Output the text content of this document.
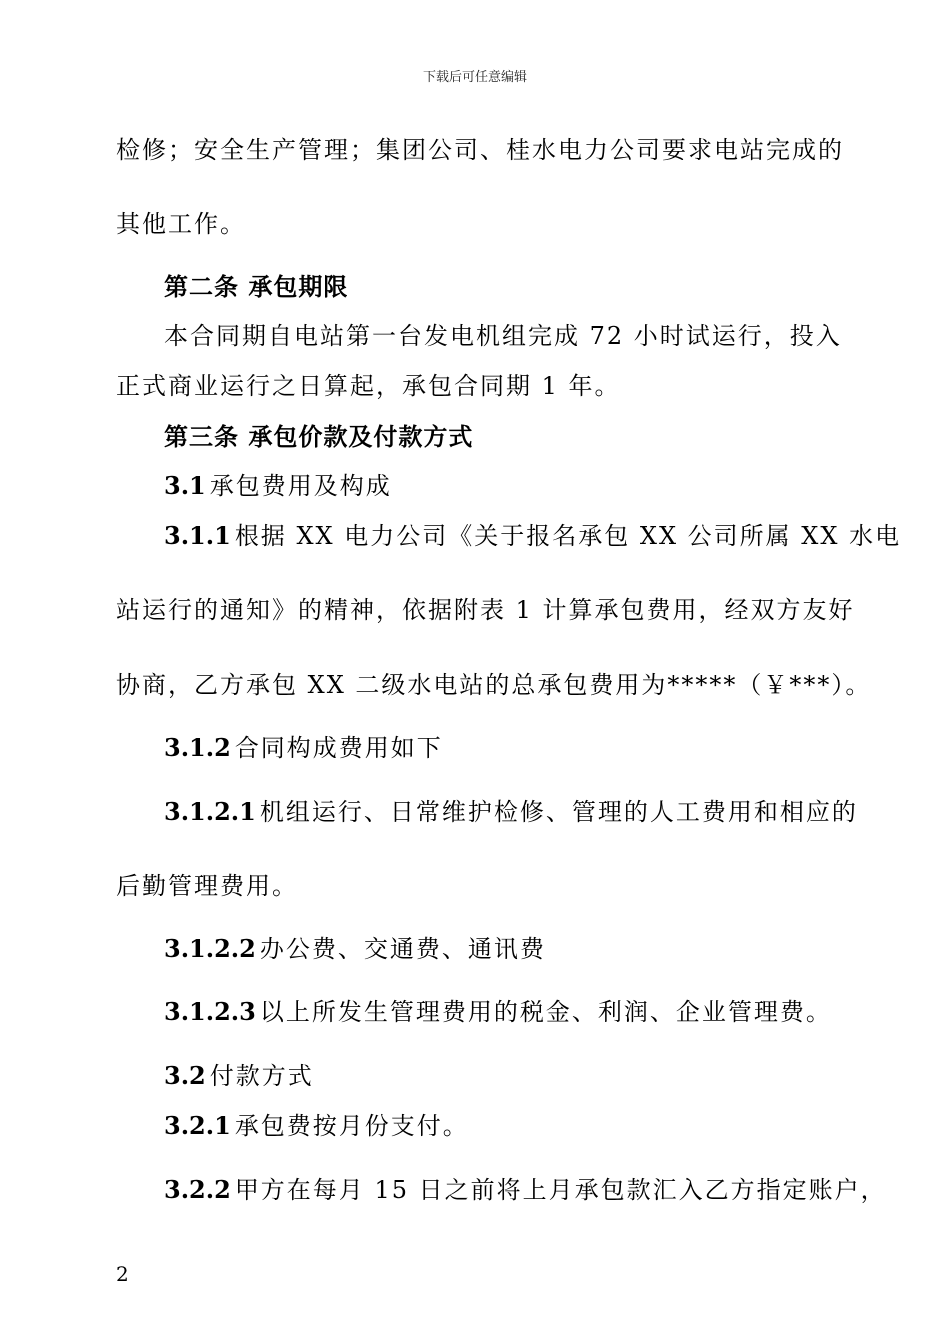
下载后可任意编辑
检修；安全生产管理；集团公司、桂水电力公司要求电站完成的
其他工作。
第二条 承包期限
本合同期自电站第一台发电机组完成 72 小时试运行，投入
正式商业运行之日算起，承包合同期 1 年。
第三条 承包价款及付款方式
3.1 承包费用及构成
3.1.1 根据 XX 电力公司《关于报名承包 XX 公司所属 XX 水电
站运行的通知》的精神，依据附表 1 计算承包费用，经双方友好
协商，乙方承包 XX 二级水电站的总承包费用为*****（￥***）。
3.1.2 合同构成费用如下
3.1.2.1 机组运行、日常维护检修、管理的人工费用和相应的
后勤管理费用。
3.1.2.2 办公费、交通费、通讯费
3.1.2.3 以上所发生管理费用的税金、利润、企业管理费。
3.2 付款方式
3.2.1 承包费按月份支付。
3.2.2 甲方在每月 15 日之前将上月承包款汇入乙方指定账户，
2
